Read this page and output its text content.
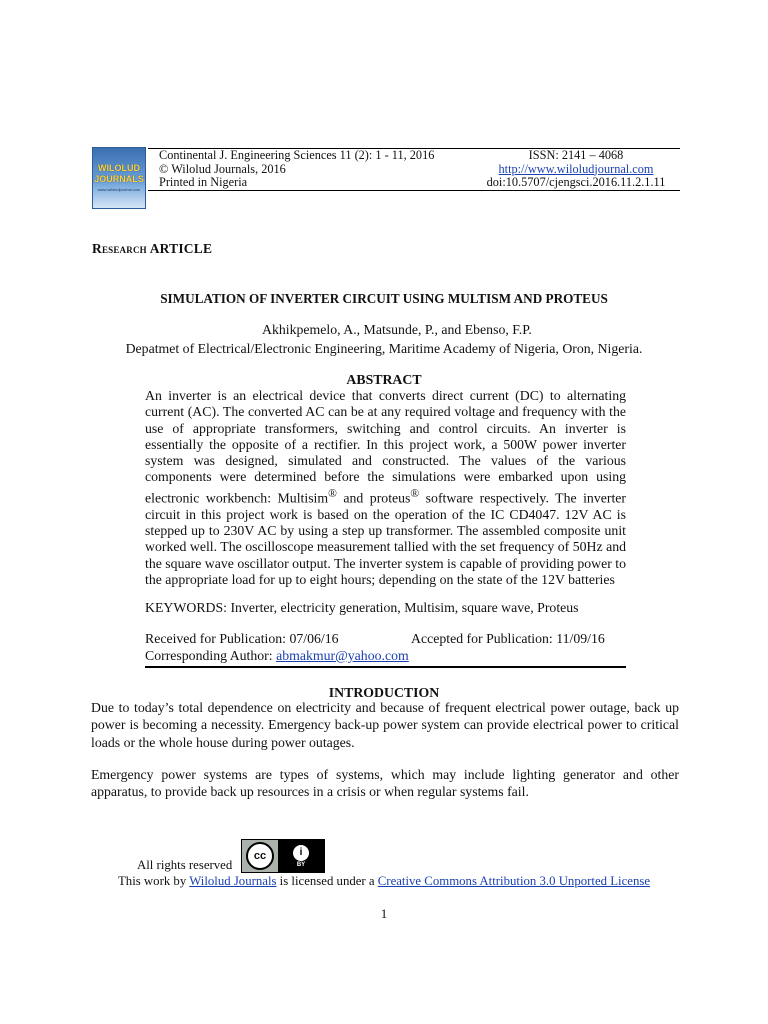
WILOLUD
JOURNALS
www.wiloludjournal.com
Continental J. Engineering Sciences 11 (2): 1 - 11, 2016
© Wilolud Journals, 2016
Printed in Nigeria
ISSN: 2141 – 4068
http://www.wiloludjournal.com
doi:10.5707/cjengsci.2016.11.2.1.11
Research ARTICLE
SIMULATION OF INVERTER CIRCUIT USING MULTISM AND PROTEUS
Akhikpemelo, A., Matsunde, P., and Ebenso, F.P.
Depatmet of Electrical/Electronic Engineering, Maritime Academy of Nigeria, Oron, Nigeria.
ABSTRACT
An inverter is an electrical device that converts direct current (DC) to alternating current (AC). The converted AC can be at any required voltage and frequency with the use of appropriate transformers, switching and control circuits. An inverter is essentially the opposite of a rectifier. In this project work, a 500W power inverter system was designed, simulated and constructed. The values of the various components were determined before the simulations were embarked upon using electronic workbench: Multisim® and proteus® software respectively. The inverter circuit in this project work is based on the operation of the IC CD4047. 12V AC is stepped up to 230V AC by using a step up transformer. The assembled composite unit worked well. The oscilloscope measurement tallied with the set frequency of 50Hz and the square wave oscillator output. The inverter system is capable of providing power to the appropriate load for up to eight hours; depending on the state of the 12V batteries
KEYWORDS: Inverter, electricity generation, Multisim, square wave, Proteus
Received for Publication: 07/06/16	Accepted for Publication: 11/09/16
Corresponding Author: abmakmur@yahoo.com
INTRODUCTION
Due to today’s total dependence on electricity and because of frequent electrical power outage, back up power is becoming a necessity. Emergency back-up power system can provide electrical power to critical loads or the whole house during power outages.
Emergency power systems are types of systems, which may include lighting generator and other apparatus, to provide back up resources in a crisis or when regular systems fail.
All rights reserved
cc	i
BY
This work by Wilolud Journals is licensed under a Creative Commons Attribution 3.0 Unported License
1
